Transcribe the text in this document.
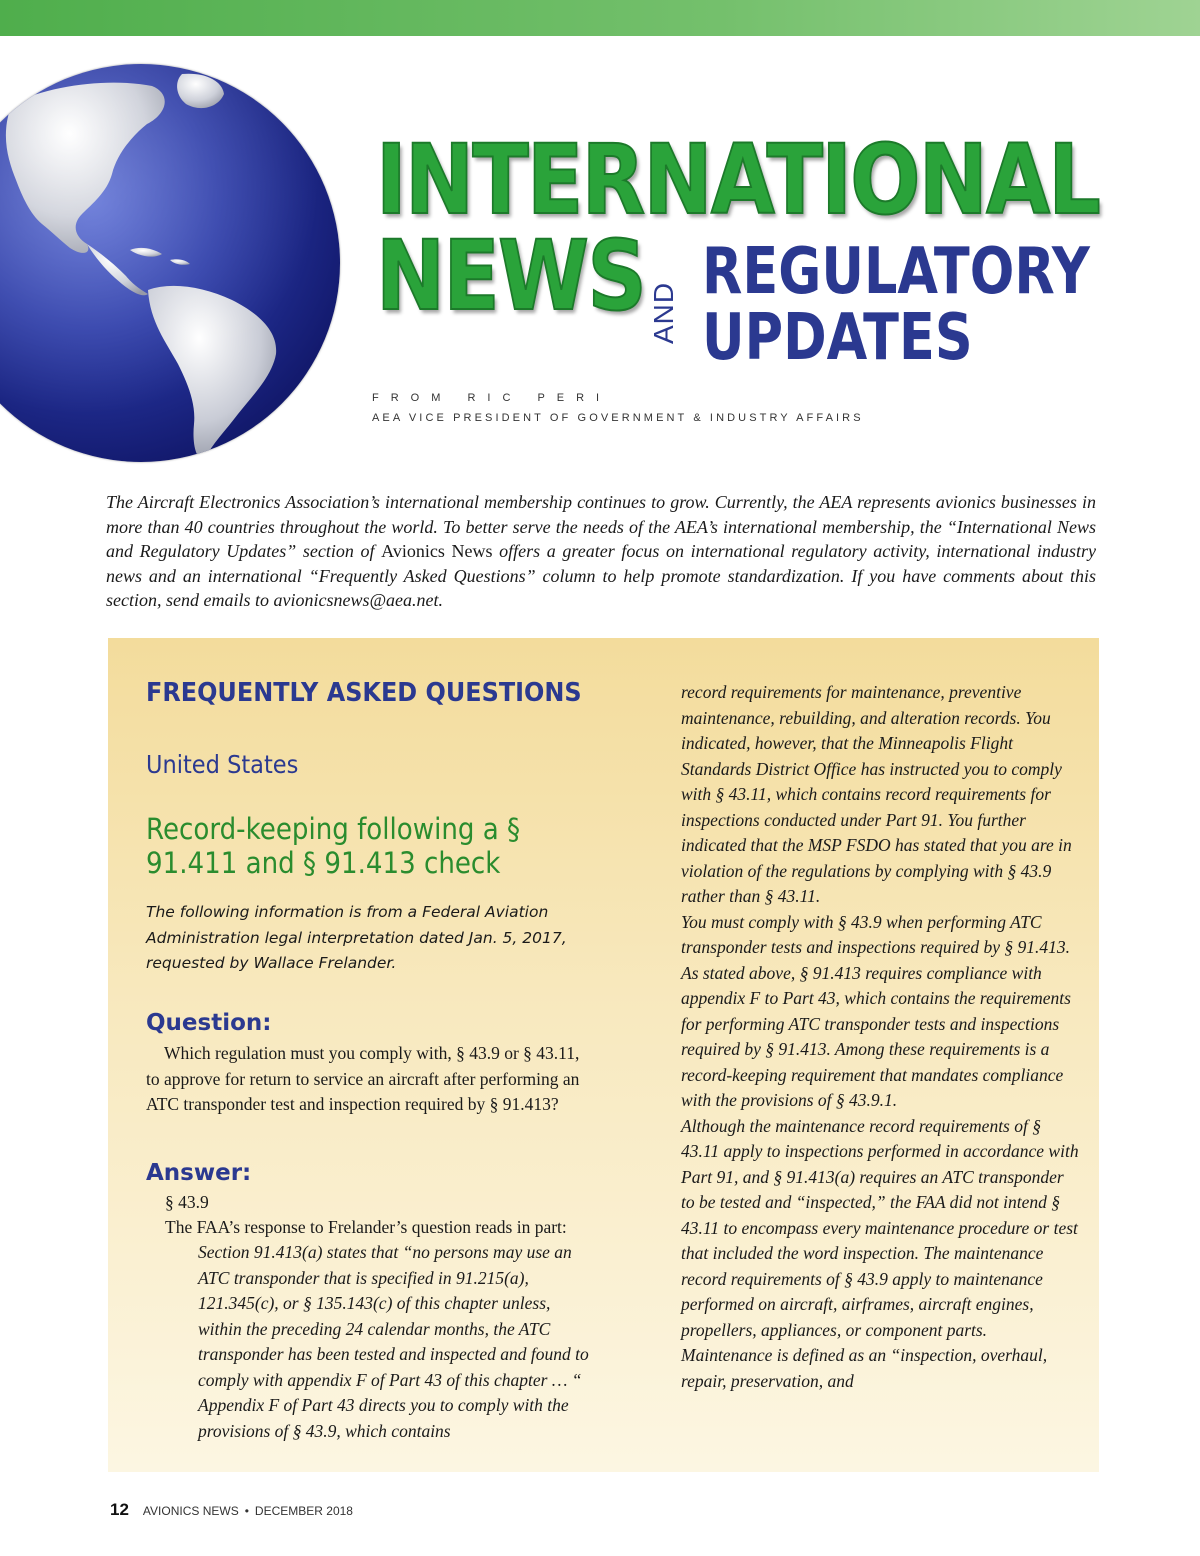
INTERNATIONAL
NEWS AND
REGULATORY
UPDATES
FROM RIC PERI
AEA VICE PRESIDENT OF GOVERNMENT & INDUSTRY AFFAIRS

The Aircraft Electronics Association’s international membership continues to grow. Currently, the AEA represents avionics businesses in more than 40 countries throughout the world. To better serve the needs of the AEA’s international membership, the “International News and Regulatory Updates” section of Avionics News offers a greater focus on international regulatory activity, international industry news and an international “Frequently Asked Questions” column to help promote standardization. If you have comments about this section, send emails to avionicsnews@aea.net.

FREQUENTLY ASKED QUESTIONS
United States
Record-keeping following a § 91.411 and § 91.413 check
The following information is from a Federal Aviation Administration legal interpretation dated Jan. 5, 2017, requested by Wallace Frelander.
Question:
Which regulation must you comply with, § 43.9 or § 43.11, to approve for return to service an aircraft after performing an ATC transponder test and inspection required by § 91.413?
Answer:
§ 43.9
The FAA’s response to Frelander’s question reads in part:
Section 91.413(a) states that “no persons may use an ATC transponder that is specified in 91.215(a), 121.345(c), or § 135.143(c) of this chapter unless, within the preceding 24 calendar months, the ATC transponder has been tested and inspected and found to comply with appendix F of Part 43 of this chapter … “ Appendix F of Part 43 directs you to comply with the provisions of § 43.9, which contains

record requirements for maintenance, preventive maintenance, rebuilding, and alteration records. You indicated, however, that the Minneapolis Flight Standards District Office has instructed you to comply with § 43.11, which contains record requirements for inspections conducted under Part 91. You further indicated that the MSP FSDO has stated that you are in violation of the regulations by complying with § 43.9 rather than § 43.11.

You must comply with § 43.9 when performing ATC transponder tests and inspections required by § 91.413. As stated above, § 91.413 requires compliance with appendix F to Part 43, which contains the requirements for performing ATC transponder tests and inspections required by § 91.413. Among these requirements is a record-keeping requirement that mandates compliance with the provisions of § 43.9.1.

Although the maintenance record requirements of § 43.11 apply to inspections performed in accordance with Part 91, and § 91.413(a) requires an ATC transponder to be tested and “inspected,” the FAA did not intend § 43.11 to encompass every maintenance procedure or test that included the word inspection. The maintenance record requirements of § 43.9 apply to maintenance performed on aircraft, airframes, aircraft engines, propellers, appliances, or component parts. Maintenance is defined as an “inspection, overhaul, repair, preservation, and

12 AVIONICS NEWS • DECEMBER 2018
